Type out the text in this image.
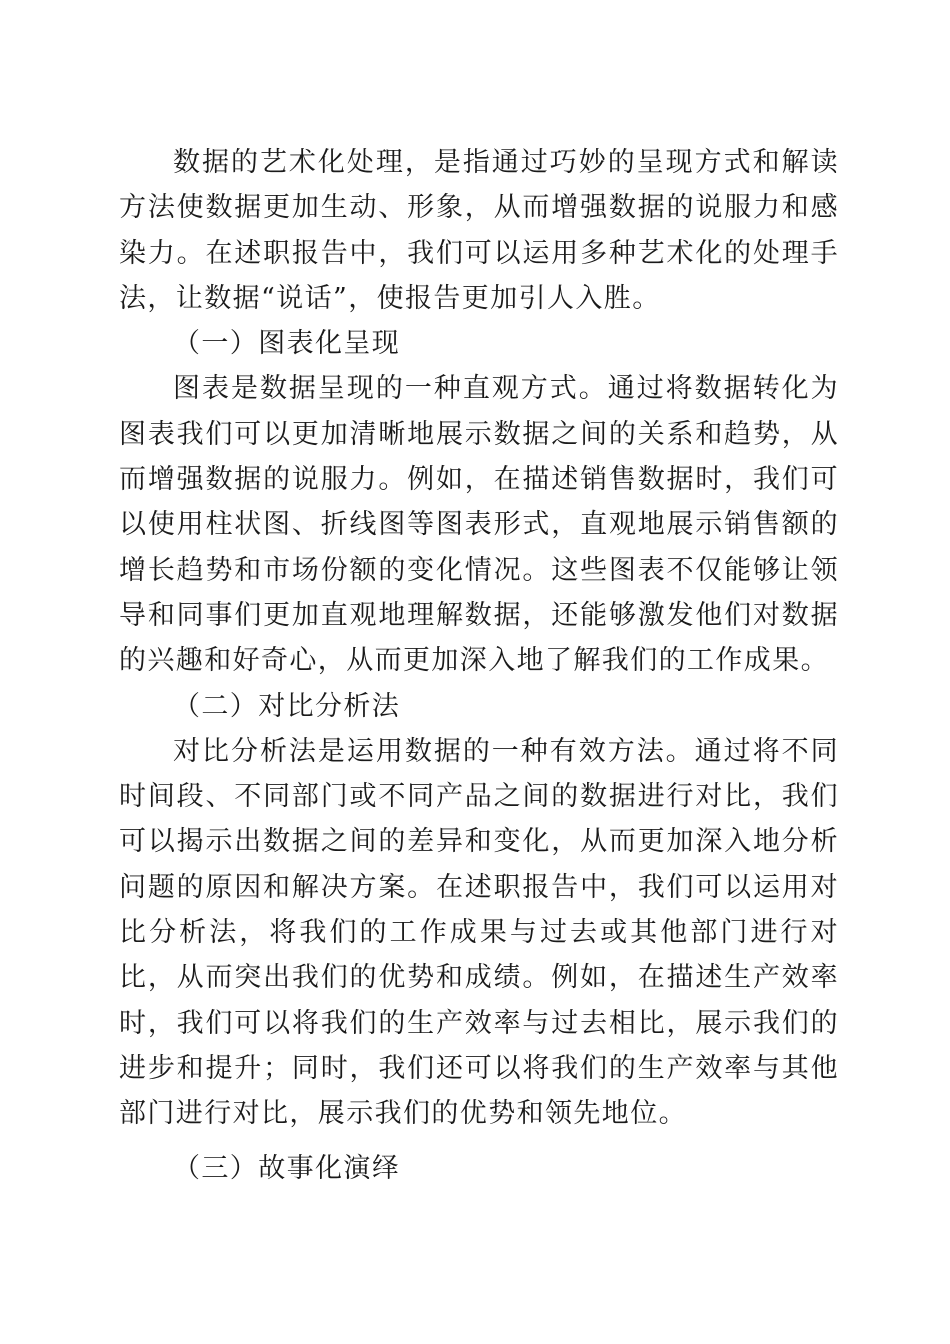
数据的艺术化处理，是指通过巧妙的呈现方式和解读方法使数据更加生动、形象，从而增强数据的说服力和感染力。在述职报告中，我们可以运用多种艺术化的处理手法，让数据“说话”，使报告更加引人入胜。

（一）图表化呈现

图表是数据呈现的一种直观方式。通过将数据转化为图表我们可以更加清晰地展示数据之间的关系和趋势，从而增强数据的说服力。例如，在描述销售数据时，我们可以使用柱状图、折线图等图表形式，直观地展示销售额的增长趋势和市场份额的变化情况。这些图表不仅能够让领导和同事们更加直观地理解数据，还能够激发他们对数据的兴趣和好奇心，从而更加深入地了解我们的工作成果。

（二）对比分析法

对比分析法是运用数据的一种有效方法。通过将不同时间段、不同部门或不同产品之间的数据进行对比，我们可以揭示出数据之间的差异和变化，从而更加深入地分析问题的原因和解决方案。在述职报告中，我们可以运用对比分析法，将我们的工作成果与过去或其他部门进行对比，从而突出我们的优势和成绩。例如，在描述生产效率时，我们可以将我们的生产效率与过去相比，展示我们的进步和提升；同时，我们还可以将我们的生产效率与其他部门进行对比，展示我们的优势和领先地位。

（三）故事化演绎
